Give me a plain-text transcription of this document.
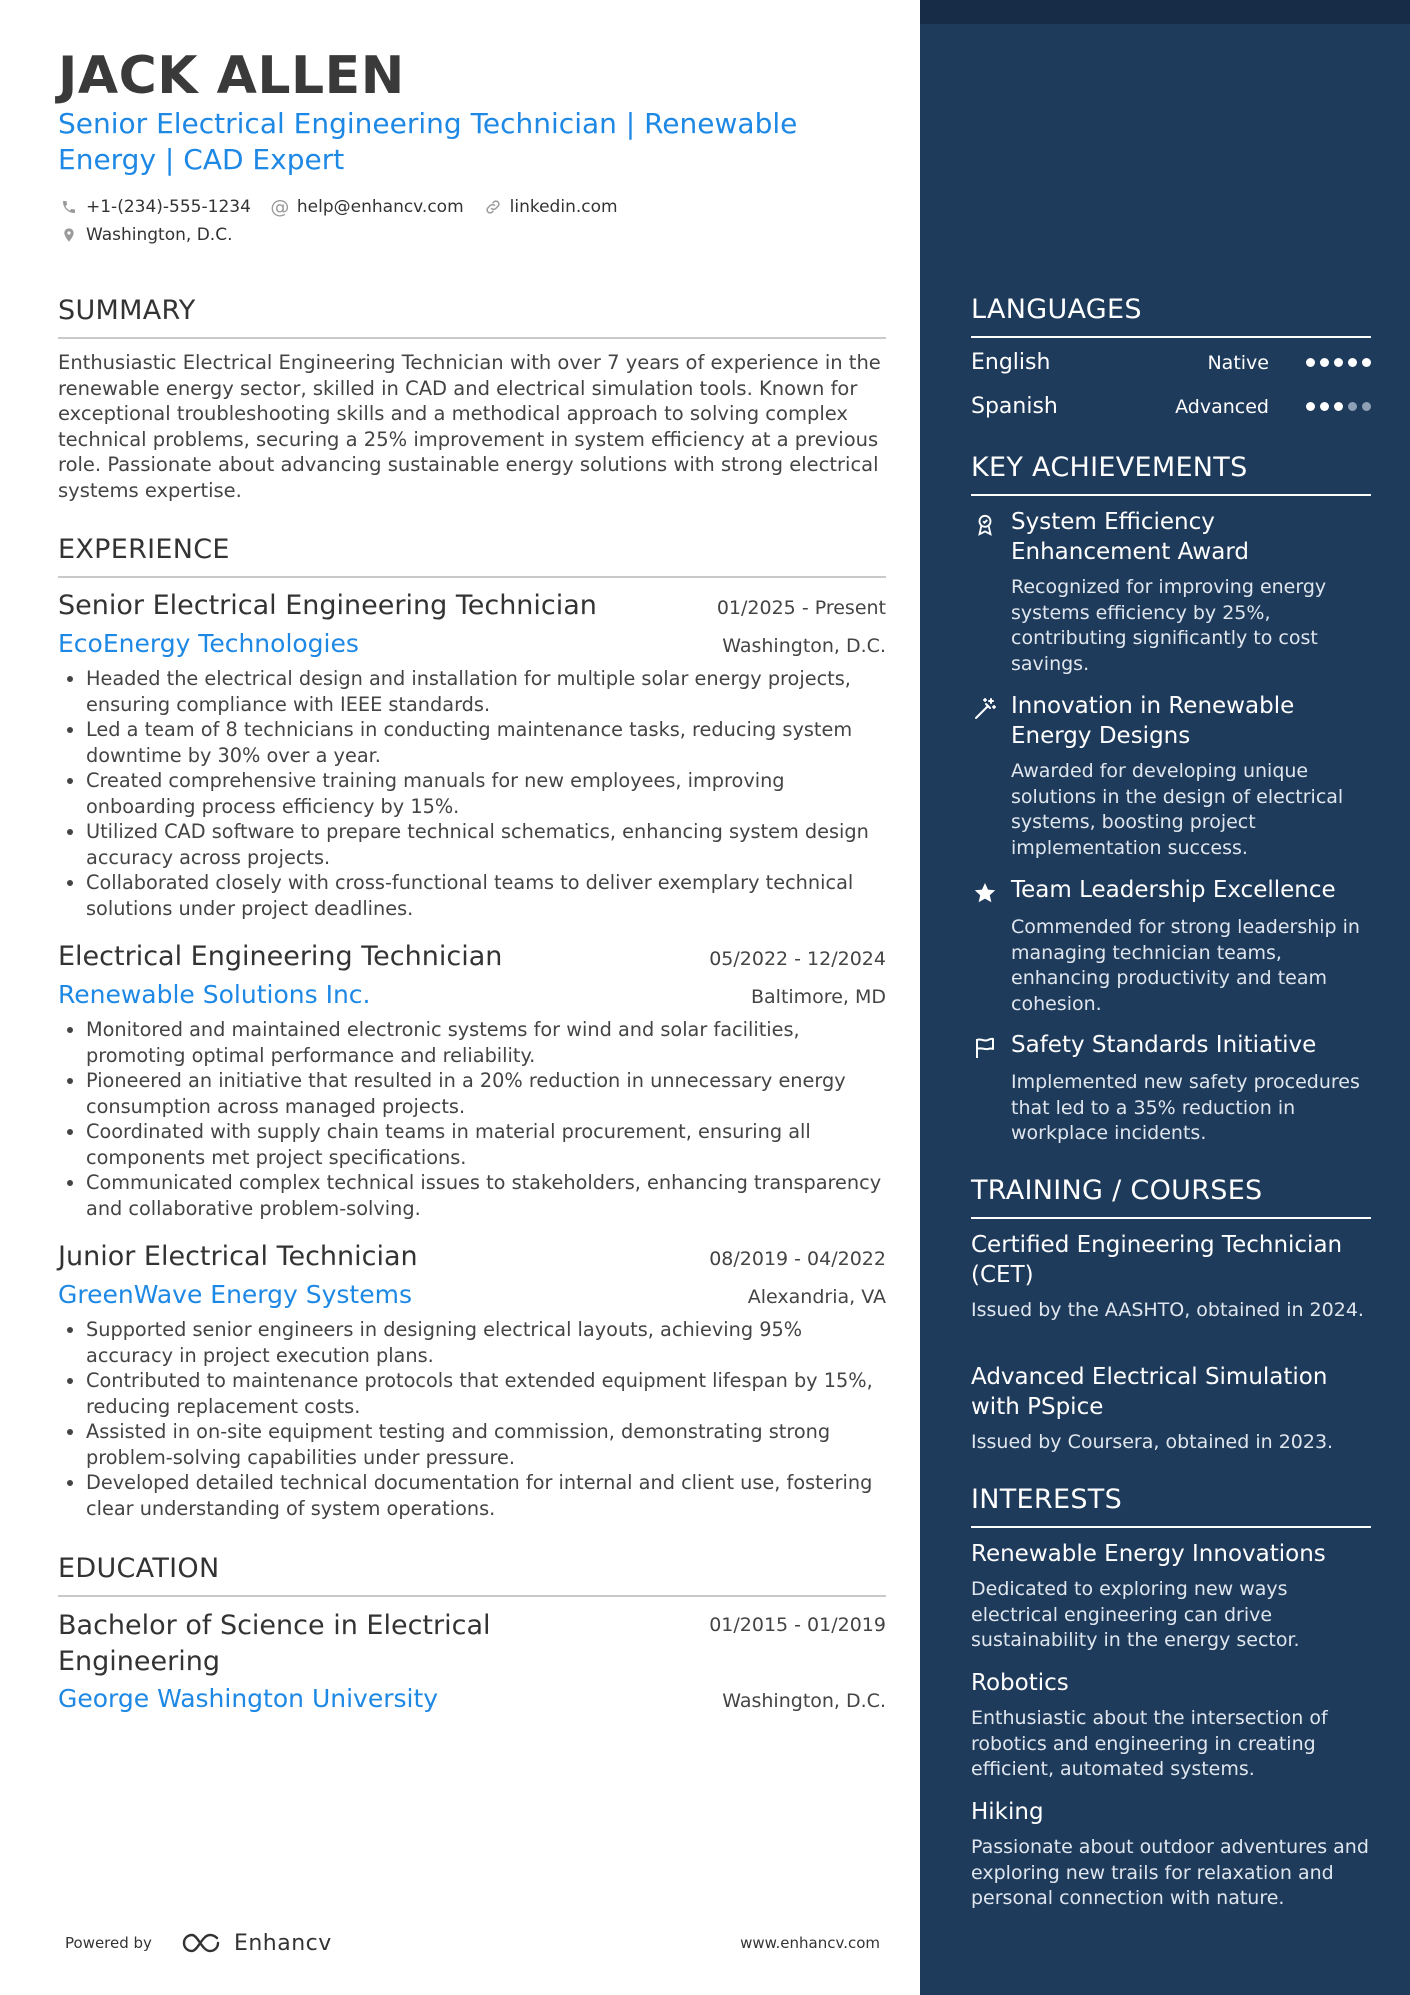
JACK ALLEN
Senior Electrical Engineering Technician | Renewable Energy | CAD Expert
+1-(234)-555-1234 @ help@enhancv.com	linkedin.com
Washington, D.C.
SUMMARY
Enthusiastic Electrical Engineering Technician with over 7 years of experience in the renewable energy sector, skilled in CAD and electrical simulation tools. Known for exceptional troubleshooting skills and a methodical approach to solving complex technical problems, securing a 25% improvement in system efficiency at a previous role. Passionate about advancing sustainable energy solutions with strong electrical systems expertise.
EXPERIENCE
Senior Electrical Engineering Technician	01/2025 - Present
EcoEnergy Technologies	Washington, D.C.
• Headed the electrical design and installation for multiple solar energy projects, ensuring compliance with IEEE standards.
• Led a team of 8 technicians in conducting maintenance tasks, reducing system downtime by 30% over a year.
• Created comprehensive training manuals for new employees, improving onboarding process efficiency by 15%.
• Utilized CAD software to prepare technical schematics, enhancing system design accuracy across projects.
• Collaborated closely with cross-functional teams to deliver exemplary technical solutions under project deadlines.
Electrical Engineering Technician	05/2022 - 12/2024
Renewable Solutions Inc.	Baltimore, MD
• Monitored and maintained electronic systems for wind and solar facilities, promoting optimal performance and reliability.
• Pioneered an initiative that resulted in a 20% reduction in unnecessary energy consumption across managed projects.
• Coordinated with supply chain teams in material procurement, ensuring all components met project specifications.
• Communicated complex technical issues to stakeholders, enhancing transparency and collaborative problem-solving.
Junior Electrical Technician	08/2019 - 04/2022
GreenWave Energy Systems	Alexandria, VA
• Supported senior engineers in designing electrical layouts, achieving 95% accuracy in project execution plans.
• Contributed to maintenance protocols that extended equipment lifespan by 15%, reducing replacement costs.
• Assisted in on-site equipment testing and commission, demonstrating strong problem-solving capabilities under pressure.
• Developed detailed technical documentation for internal and client use, fostering clear understanding of system operations.
EDUCATION
Bachelor of Science in Electrical Engineering
01/2015 - 01/2019
George Washington University	Washington, D.C.
Powered by	Enhancv	www.enhancv.com
LANGUAGES
English	Native
Spanish	Advanced
KEY ACHIEVEMENTS
System Efficiency Enhancement Award
Recognized for improving energy systems efficiency by 25%, contributing significantly to cost savings.
Innovation in Renewable Energy Designs
Awarded for developing unique solutions in the design of electrical systems, boosting project implementation success.
Team Leadership Excellence
Commended for strong leadership in managing technician teams, enhancing productivity and team cohesion.
Safety Standards Initiative
Implemented new safety procedures that led to a 35% reduction in workplace incidents.
TRAINING / COURSES
Certified Engineering Technician (CET)
Issued by the AASHTO, obtained in 2024.
Advanced Electrical Simulation with PSpice
Issued by Coursera, obtained in 2023.
INTERESTS
Renewable Energy Innovations
Dedicated to exploring new ways electrical engineering can drive sustainability in the energy sector.
Robotics
Enthusiastic about the intersection of robotics and engineering in creating efficient, automated systems.
Hiking
Passionate about outdoor adventures and exploring new trails for relaxation and personal connection with nature.
